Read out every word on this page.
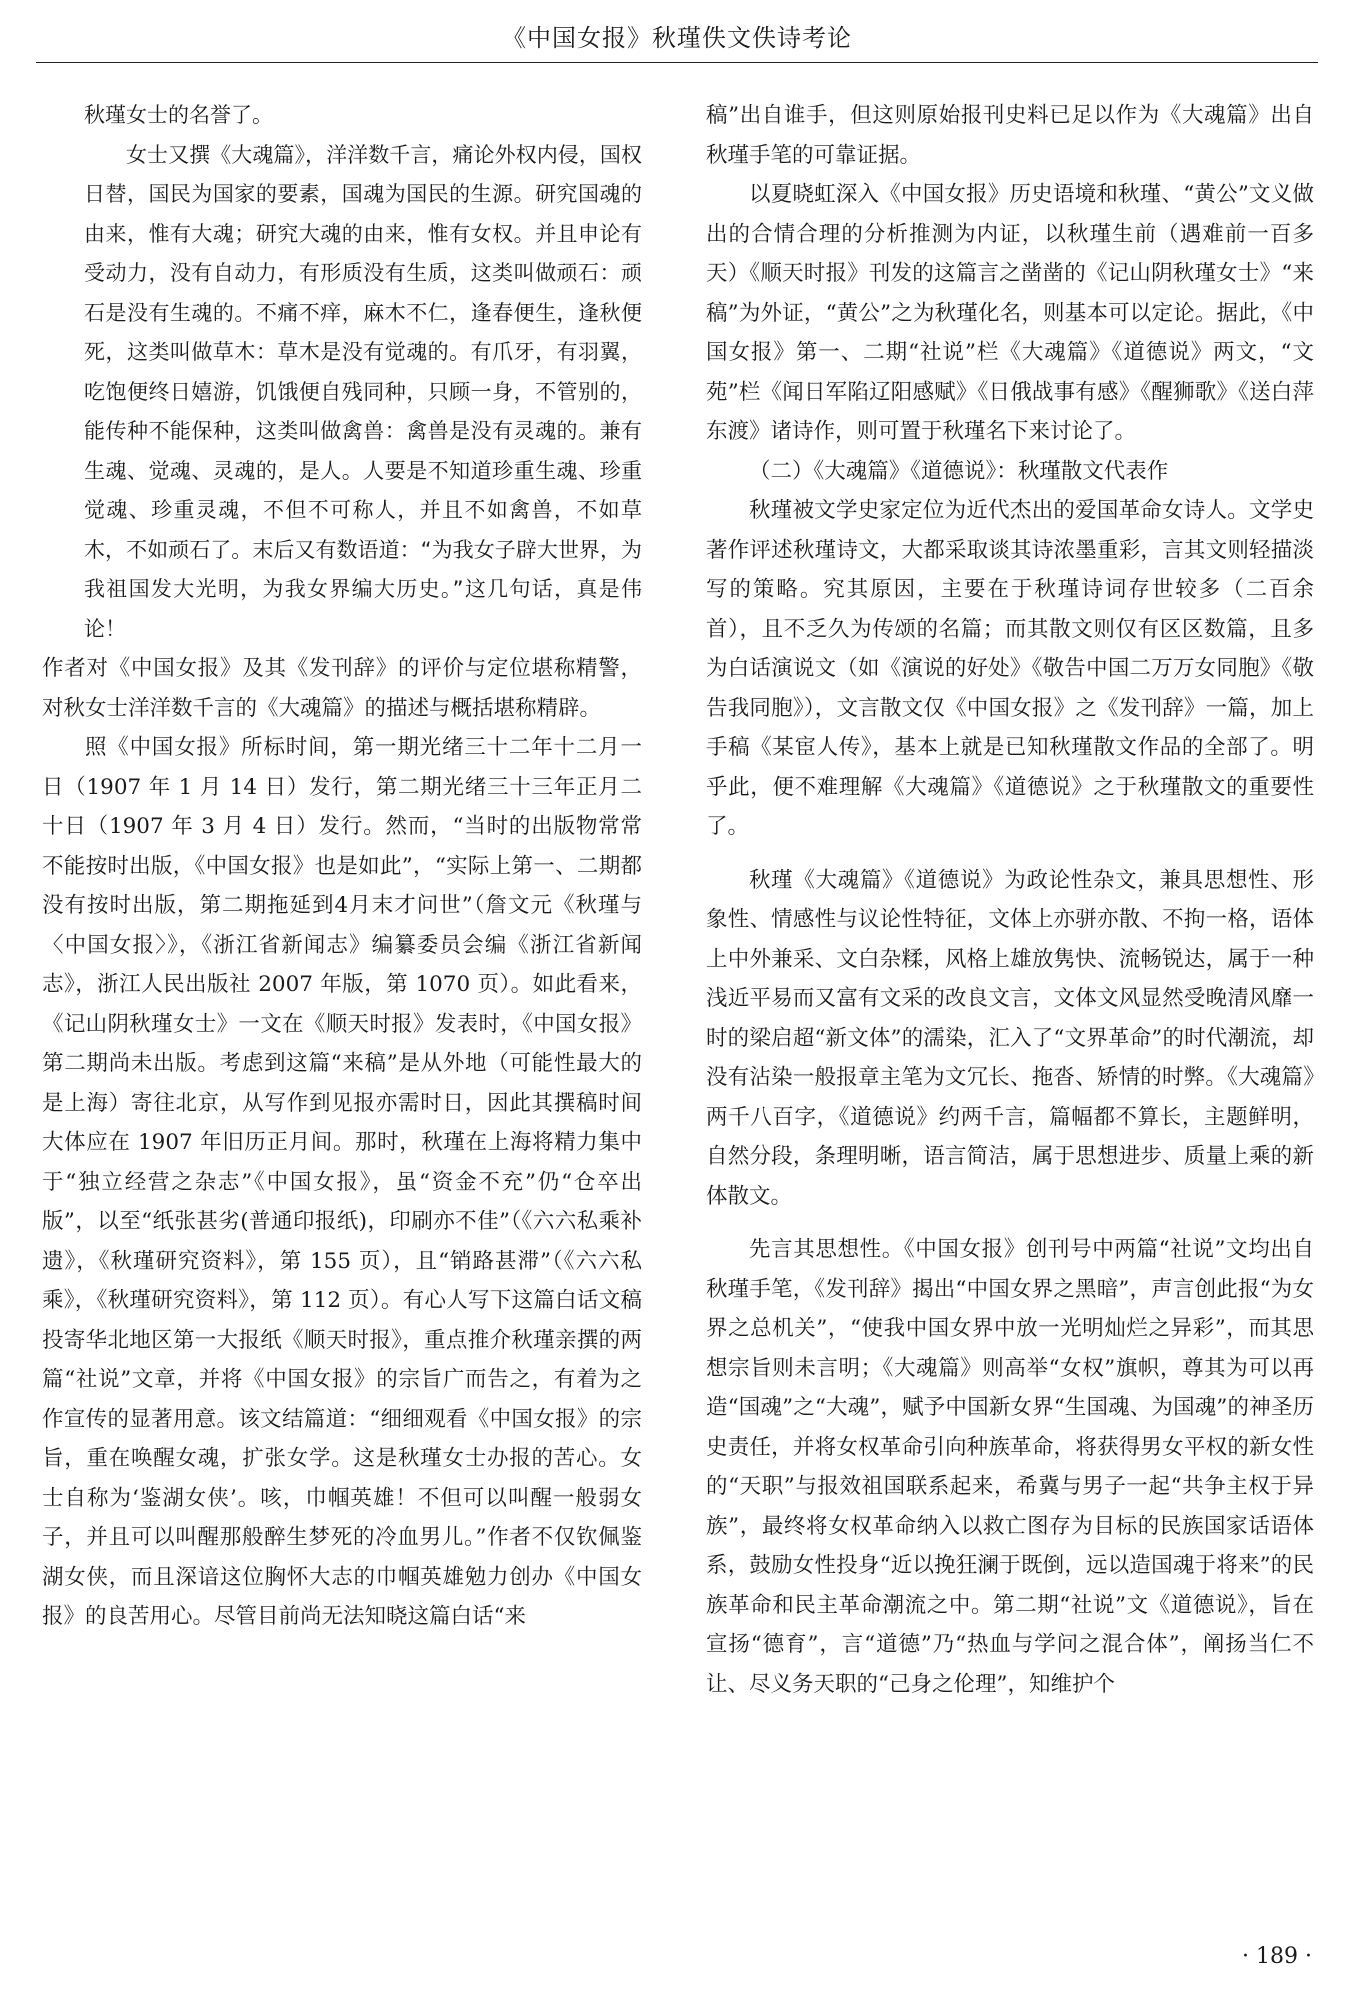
《中国女报》秋瑾佚文佚诗考论

秋瑾女士的名誉了。

女士又撰《大魂篇》，洋洋数千言，痛论外权内侵，国权日替，国民为国家的要素，国魂为国民的生源。研究国魂的由来，惟有大魂；研究大魂的由来，惟有女权。并且申论有受动力，没有自动力，有形质没有生质，这类叫做顽石：顽石是没有生魂的。不痛不痒，麻木不仁，逢春便生，逢秋便死，这类叫做草木：草木是没有觉魂的。有爪牙，有羽翼，吃饱便终日嬉游，饥饿便自残同种，只顾一身，不管别的，能传种不能保种，这类叫做禽兽：禽兽是没有灵魂的。兼有生魂、觉魂、灵魂的，是人。人要是不知道珍重生魂、珍重觉魂、珍重灵魂，不但不可称人，并且不如禽兽，不如草木，不如顽石了。末后又有数语道：“为我女子辟大世界，为我祖国发大光明，为我女界编大历史。”这几句话，真是伟论！

作者对《中国女报》及其《发刊辞》的评价与定位堪称精警，对秋女士洋洋数千言的《大魂篇》的描述与概括堪称精辟。

照《中国女报》所标时间，第一期光绪三十二年十二月一日（1907 年 1 月 14 日）发行，第二期光绪三十三年正月二十日（1907 年 3 月 4 日）发行。然而，“当时的出版物常常不能按时出版，《中国女报》也是如此”，“实际上第一、二期都没有按时出版，第二期拖延到4月末才问世”（詹文元《秋瑾与〈中国女报〉》，《浙江省新闻志》编纂委员会编《浙江省新闻志》，浙江人民出版社 2007 年版，第 1070 页）。如此看来，《记山阴秋瑾女士》一文在《顺天时报》发表时，《中国女报》第二期尚未出版。考虑到这篇“来稿”是从外地（可能性最大的是上海）寄往北京，从写作到见报亦需时日，因此其撰稿时间大体应在 1907 年旧历正月间。那时，秋瑾在上海将精力集中于“独立经营之杂志”《中国女报》，虽“资金不充”仍“仓卒出版”，以至“纸张甚劣(普通印报纸)，印刷亦不佳”（《六六私乘补遗》，《秋瑾研究资料》，第 155 页），且“销路甚滞”（《六六私乘》，《秋瑾研究资料》，第 112 页）。有心人写下这篇白话文稿投寄华北地区第一大报纸《顺天时报》，重点推介秋瑾亲撰的两篇“社说”文章，并将《中国女报》的宗旨广而告之，有着为之作宣传的显著用意。该文结篇道：“细细观看《中国女报》的宗旨，重在唤醒女魂，扩张女学。这是秋瑾女士办报的苦心。女士自称为‘鉴湖女侠’。咳，巾帼英雄！不但可以叫醒一般弱女子，并且可以叫醒那般醉生梦死的冷血男儿。”作者不仅钦佩鉴湖女侠，而且深谙这位胸怀大志的巾帼英雄勉力创办《中国女报》的良苦用心。尽管目前尚无法知晓这篇白话“来

稿”出自谁手，但这则原始报刊史料已足以作为《大魂篇》出自秋瑾手笔的可靠证据。

以夏晓虹深入《中国女报》历史语境和秋瑾、“黄公”文义做出的合情合理的分析推测为内证，以秋瑾生前（遇难前一百多天）《顺天时报》刊发的这篇言之凿凿的《记山阴秋瑾女士》“来稿”为外证，“黄公”之为秋瑾化名，则基本可以定论。据此，《中国女报》第一、二期“社说”栏《大魂篇》《道德说》两文，“文苑”栏《闻日军陷辽阳感赋》《日俄战事有感》《醒狮歌》《送白萍东渡》诸诗作，则可置于秋瑾名下来讨论了。

（二）《大魂篇》《道德说》：秋瑾散文代表作

秋瑾被文学史家定位为近代杰出的爱国革命女诗人。文学史著作评述秋瑾诗文，大都采取谈其诗浓墨重彩，言其文则轻描淡写的策略。究其原因，主要在于秋瑾诗词存世较多（二百余首），且不乏久为传颂的名篇；而其散文则仅有区区数篇，且多为白话演说文（如《演说的好处》《敬告中国二万万女同胞》《敬告我同胞》），文言散文仅《中国女报》之《发刊辞》一篇，加上手稿《某宦人传》，基本上就是已知秋瑾散文作品的全部了。明乎此，便不难理解《大魂篇》《道德说》之于秋瑾散文的重要性了。

秋瑾《大魂篇》《道德说》为政论性杂文，兼具思想性、形象性、情感性与议论性特征，文体上亦骈亦散、不拘一格，语体上中外兼采、文白杂糅，风格上雄放隽快、流畅锐达，属于一种浅近平易而又富有文采的改良文言，文体文风显然受晚清风靡一时的梁启超“新文体”的濡染，汇入了“文界革命”的时代潮流，却没有沾染一般报章主笔为文冗长、拖沓、矫情的时弊。《大魂篇》两千八百字，《道德说》约两千言，篇幅都不算长，主题鲜明，自然分段，条理明晰，语言简洁，属于思想进步、质量上乘的新体散文。

先言其思想性。《中国女报》创刊号中两篇“社说”文均出自秋瑾手笔，《发刊辞》揭出“中国女界之黑暗”，声言创此报“为女界之总机关”，“使我中国女界中放一光明灿烂之异彩”，而其思想宗旨则未言明；《大魂篇》则高举“女权”旗帜，尊其为可以再造“国魂”之“大魂”，赋予中国新女界“生国魂、为国魂”的神圣历史责任，并将女权革命引向种族革命，将获得男女平权的新女性的“天职”与报效祖国联系起来，希冀与男子一起“共争主权于异族”，最终将女权革命纳入以救亡图存为目标的民族国家话语体系，鼓励女性投身“近以挽狂澜于既倒，远以造国魂于将来”的民族革命和民主革命潮流之中。第二期“社说”文《道德说》，旨在宣扬“德育”，言“道德”乃“热血与学问之混合体”，阐扬当仁不让、尽义务天职的“己身之伦理”，知维护个

· 189 ·
